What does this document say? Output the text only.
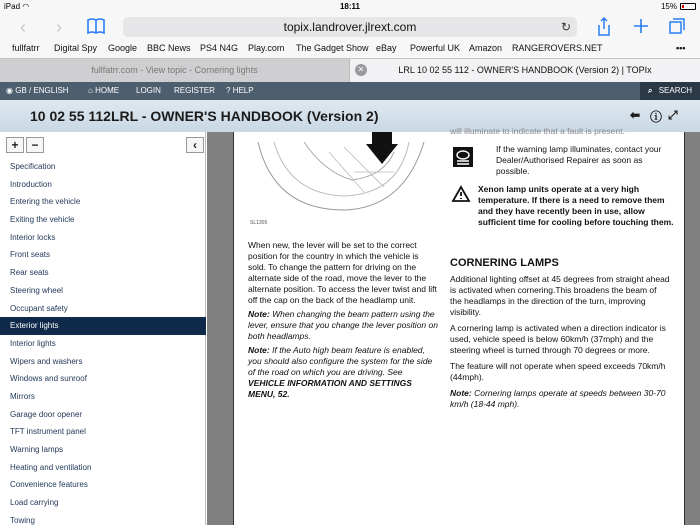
iPad ◠	18:11	15%
‹ ›	topix.landrover.jlrext.com	↻
fullfatrr Digital Spy Google BBC News PS4 N4G Play.com The Gadget Show eBay Powerful UK Amazon RANGEROVERS.NET	•••
fullfatrr.com - View topic - Cornering lights	LRL 10 02 55 112 - OWNER'S HANDBOOK (Version 2) | TOPIx
✕
◉ GB / ENGLISH ⌂ HOME LOGIN REGISTER ? HELP	⌕ SEARCH
10 02 55 112LRL - OWNER'S HANDBOOK (Version 2)	⬅ ⓘ ⤢
+	−	‹
Specification
Introduction
Entering the vehicle
Exiting the vehicle
Interior locks
Front seats
Rear seats
Steering wheel
Occupant safety
Exterior lights
Interior lights
Wipers and washers
Windows and sunroof
Mirrors
Garage door opener
TFT instrument panel
Warning lamps
Heating and ventilation
Convenience features
Load carrying
Towing
SL1305

When new, the lever will be set to the correct position for the country in which the vehicle is sold. To change the pattern for driving on the alternate side of the road, move the lever to the alternate position. To access the lever twist and lift off the cap on the back of the headlamp unit.

Note: When changing the beam pattern using the lever, ensure that you change the lever position on both headlamps.

Note: If the Auto high beam feature is enabled, you should also configure the system for the side of the road on which you are driving. See VEHICLE INFORMATION AND SETTINGS MENU, 52.

will illuminate to indicate that a fault is present.
If the warning lamp illuminates, contact your Dealer/Authorised Repairer as soon as possible.
Xenon lamp units operate at a very high temperature. If there is a need to remove them and they have recently been in use, allow sufficient time for cooling before touching them.
CORNERING LAMPS

Additional lighting offset at 45 degrees from straight ahead is activated when cornering.This broadens the beam of the headlamps in the direction of the turn, improving visibility.

A cornering lamp is activated when a direction indicator is used, vehicle speed is below 60km/h (37mph) and the steering wheel is turned through 70 degrees or more.

The feature will not operate when speed exceeds 70km/h (44mph).

Note: Cornering lamps operate at speeds between 30-70 km/h (18-44 mph).
